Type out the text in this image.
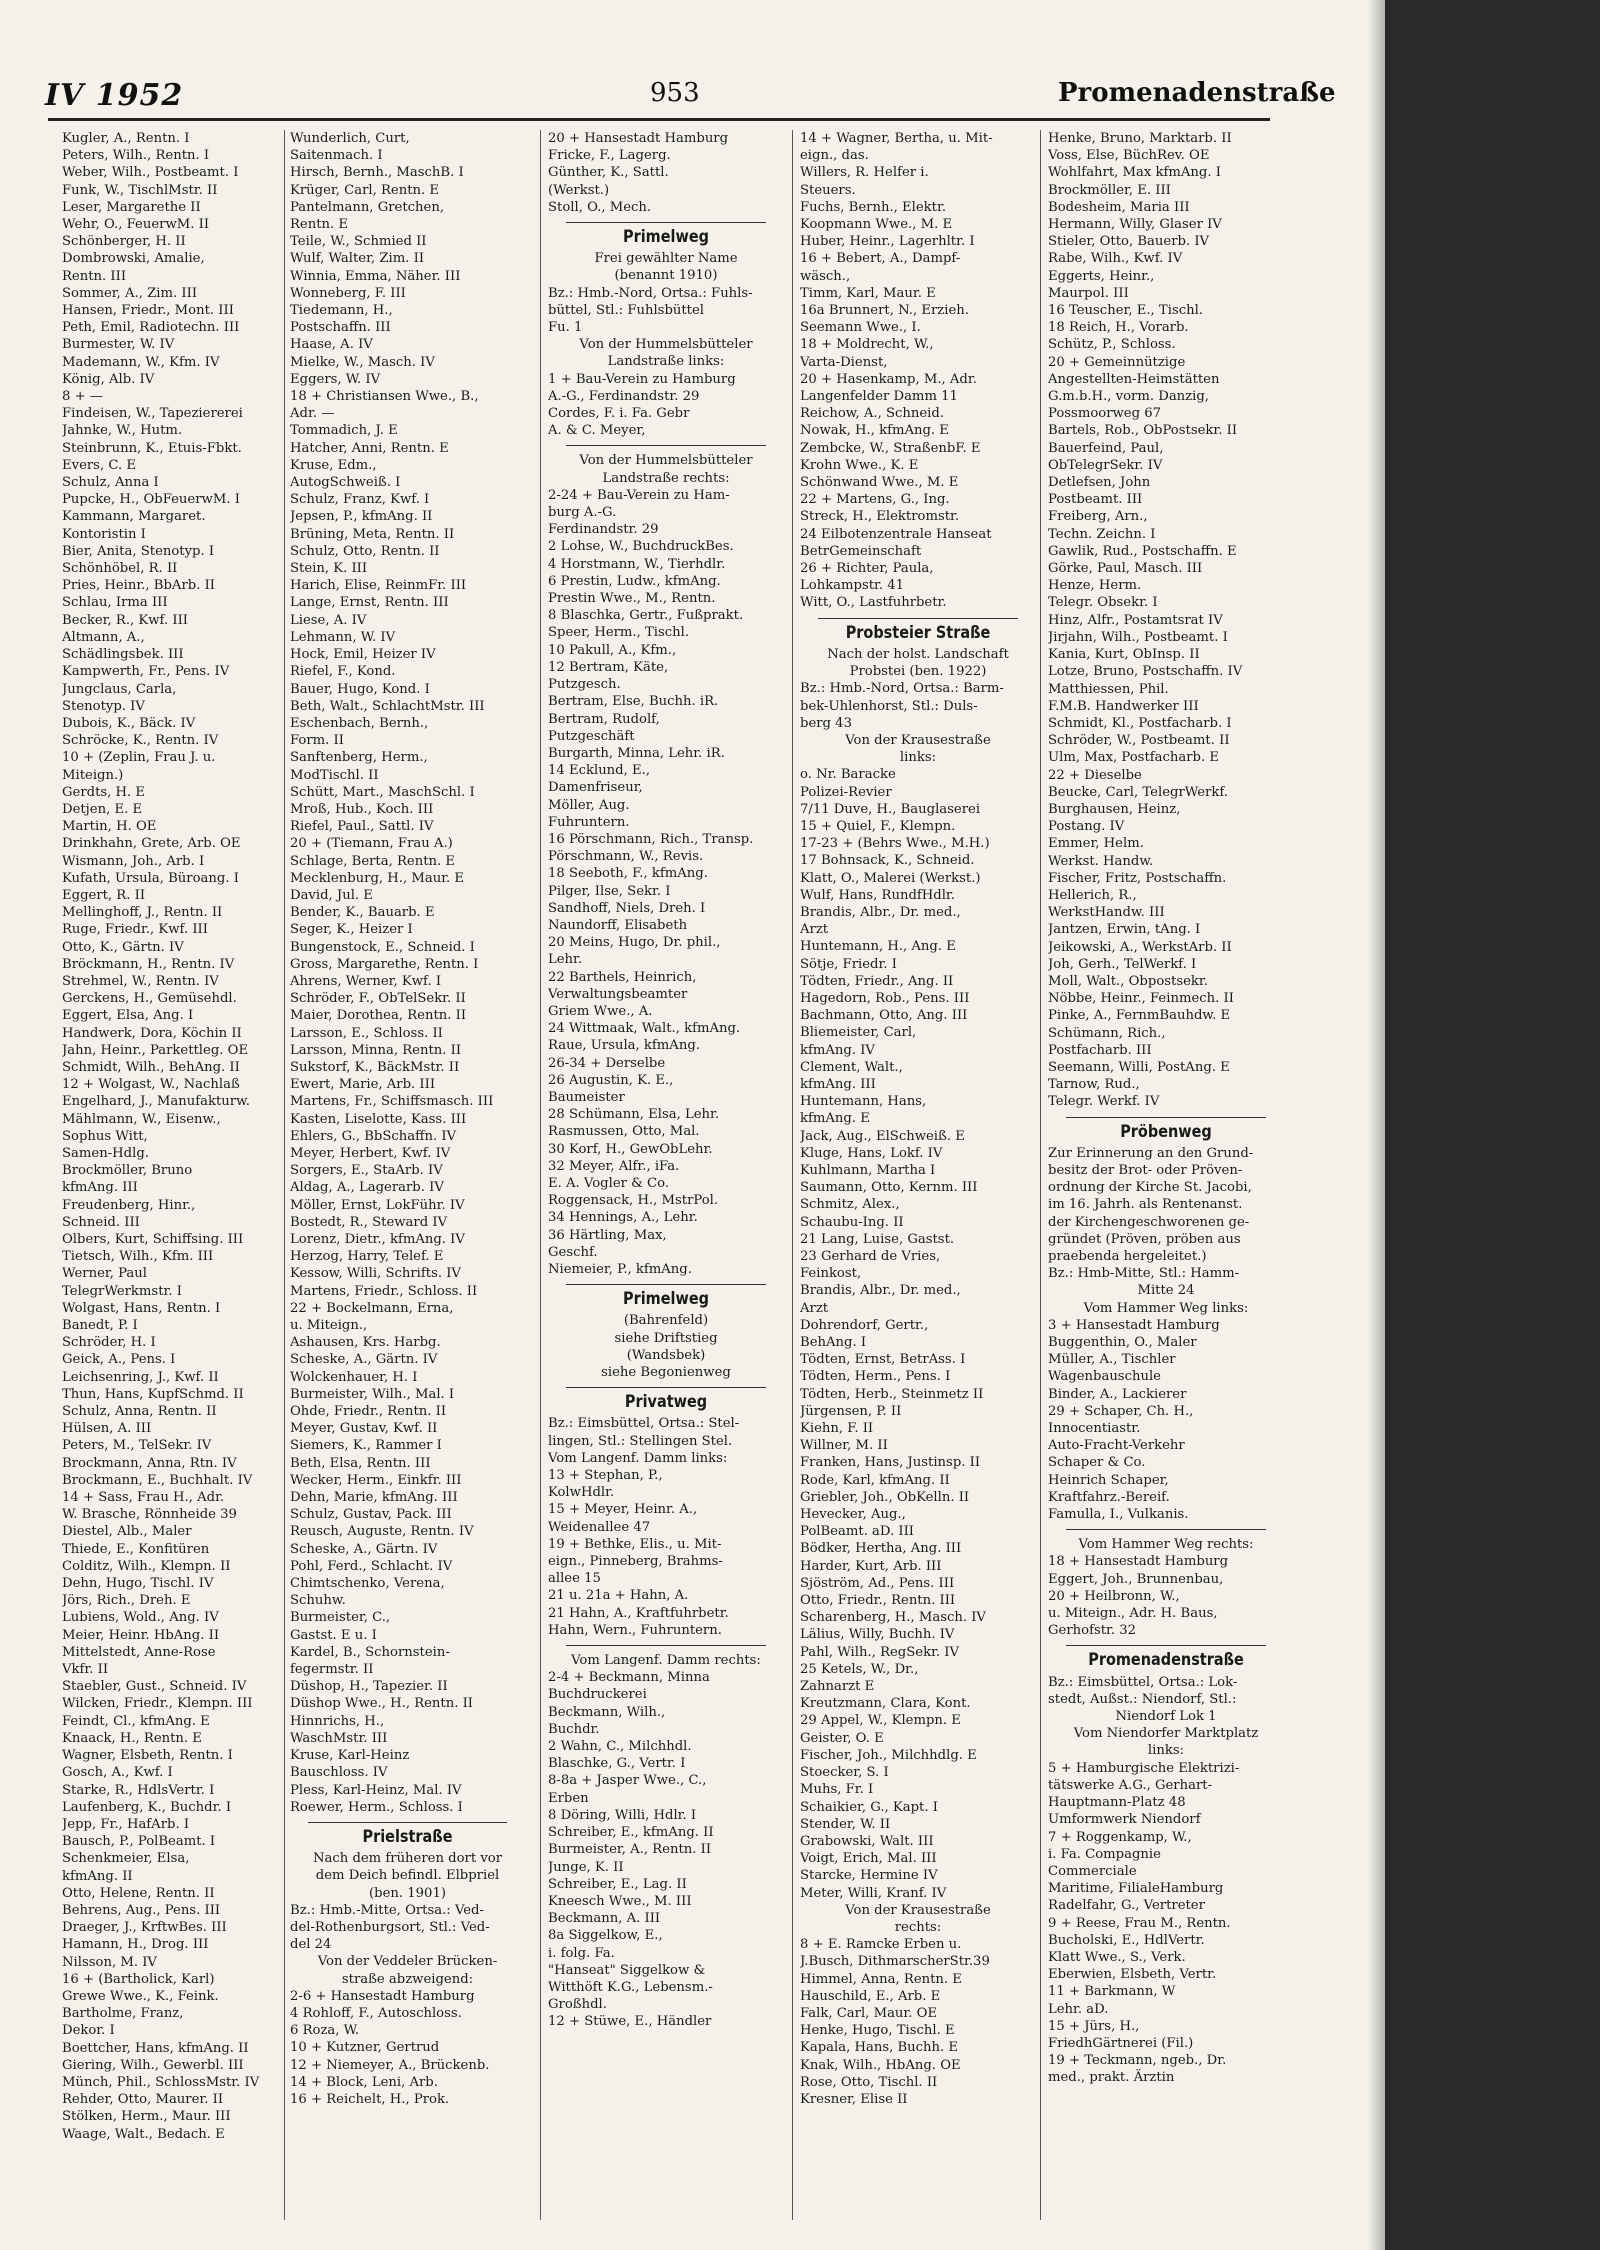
IV 1952	953	Promenadenstraße
Kugler, A., Rentn. I
Peters, Wilh., Rentn. I
Weber, Wilh., Postbeamt. I
Funk, W., TischlMstr. II
Leser, Margarethe II
Wehr, O., FeuerwM. II
Schönberger, H. II
Dombrowski, Amalie,
Rentn. III
Sommer, A., Zim. III
Hansen, Friedr., Mont. III
Peth, Emil, Radiotechn. III
Burmester, W. IV
Mademann, W., Kfm. IV
König, Alb. IV
8 + —
Findeisen, W., Tapeziererei
Jahnke, W., Hutm.
Steinbrunn, K., Etuis-Fbkt.
Evers, C. E
Schulz, Anna I
Pupcke, H., ObFeuerwM. I
Kammann, Margaret.
Kontoristin I
Bier, Anita, Stenotyp. I
Schönhöbel, R. II
Pries, Heinr., BbArb. II
Schlau, Irma III
Becker, R., Kwf. III
Altmann, A.,
Schädlingsbek. III
Kampwerth, Fr., Pens. IV
Jungclaus, Carla,
Stenotyp. IV
Dubois, K., Bäck. IV
Schröcke, K., Rentn. IV
10 + (Zeplin, Frau J. u.
Miteign.)
Gerdts, H. E
Detjen, E. E
Martin, H. OE
Drinkhahn, Grete, Arb. OE
Wismann, Joh., Arb. I
Kufath, Ursula, Büroang. I
Eggert, R. II
Mellinghoff, J., Rentn. II
Ruge, Friedr., Kwf. III
Otto, K., Gärtn. IV
Bröckmann, H., Rentn. IV
Strehmel, W., Rentn. IV
Gerckens, H., Gemüsehdl.
Eggert, Elsa, Ang. I
Handwerk, Dora, Köchin II
Jahn, Heinr., Parkettleg. OE
Schmidt, Wilh., BehAng. II
12 + Wolgast, W., Nachlaß
Engelhard, J., Manufakturw.
Mählmann, W., Eisenw.,
Sophus Witt,
Samen-Hdlg.
Brockmöller, Bruno
kfmAng. III
Freudenberg, Hinr.,
Schneid. III
Olbers, Kurt, Schiffsing. III
Tietsch, Wilh., Kfm. III
Werner, Paul
TelegrWerkmstr. I
Wolgast, Hans, Rentn. I
Banedt, P. I
Schröder, H. I
Geick, A., Pens. I
Leichsenring, J., Kwf. II
Thun, Hans, KupfSchmd. II
Schulz, Anna, Rentn. II
Hülsen, A. III
Peters, M., TelSekr. IV
Brockmann, Anna, Rtn. IV
Brockmann, E., Buchhalt. IV
14 + Sass, Frau H., Adr.
W. Brasche, Rönnheide 39
Diestel, Alb., Maler
Thiede, E., Konfitüren
Colditz, Wilh., Klempn. II
Dehn, Hugo, Tischl. IV
Jörs, Rich., Dreh. E
Lubiens, Wold., Ang. IV
Meier, Heinr. HbAng. II
Mittelstedt, Anne-Rose
Vkfr. II
Staebler, Gust., Schneid. IV
Wilcken, Friedr., Klempn. III
Feindt, Cl., kfmAng. E
Knaack, H., Rentn. E
Wagner, Elsbeth, Rentn. I
Gosch, A., Kwf. I
Starke, R., HdlsVertr. I
Laufenberg, K., Buchdr. I
Jepp, Fr., HafArb. I
Bausch, P., PolBeamt. I
Schenkmeier, Elsa,
kfmAng. II
Otto, Helene, Rentn. II
Behrens, Aug., Pens. III
Draeger, J., KrftwBes. III
Hamann, H., Drog. III
Nilsson, M. IV
16 + (Bartholick, Karl)
Grewe Wwe., K., Feink.
Bartholme, Franz,
Dekor. I
Boettcher, Hans, kfmAng. II
Giering, Wilh., Gewerbl. III
Münch, Phil., SchlossMstr. IV
Rehder, Otto, Maurer. II
Stölken, Herm., Maur. III
Waage, Walt., Bedach. E
Wunderlich, Curt,
Saitenmach. I
Hirsch, Bernh., MaschB. I
Krüger, Carl, Rentn. E
Pantelmann, Gretchen,
Rentn. E
Teile, W., Schmied II
Wulf, Walter, Zim. II
Winnia, Emma, Näher. III
Wonneberg, F. III
Tiedemann, H.,
Postschaffn. III
Haase, A. IV
Mielke, W., Masch. IV
Eggers, W. IV
18 + Christiansen Wwe., B.,
Adr. —
Tommadich, J. E
Hatcher, Anni, Rentn. E
Kruse, Edm.,
AutogSchweiß. I
Schulz, Franz, Kwf. I
Jepsen, P., kfmAng. II
Brüning, Meta, Rentn. II
Schulz, Otto, Rentn. II
Stein, K. III
Harich, Elise, ReinmFr. III
Lange, Ernst, Rentn. III
Liese, A. IV
Lehmann, W. IV
Hock, Emil, Heizer IV
Riefel, F., Kond.
Bauer, Hugo, Kond. I
Beth, Walt., SchlachtMstr. III
Eschenbach, Bernh.,
Form. II
Sanftenberg, Herm.,
ModTischl. II
Schütt, Mart., MaschSchl. I
Mroß, Hub., Koch. III
Riefel, Paul., Sattl. IV
20 + (Tiemann, Frau A.)
Schlage, Berta, Rentn. E
Mecklenburg, H., Maur. E
David, Jul. E
Bender, K., Bauarb. E
Seger, K., Heizer I
Bungenstock, E., Schneid. I
Gross, Margarethe, Rentn. I
Ahrens, Werner, Kwf. I
Schröder, F., ObTelSekr. II
Maier, Dorothea, Rentn. II
Larsson, E., Schloss. II
Larsson, Minna, Rentn. II
Sukstorf, K., BäckMstr. II
Ewert, Marie, Arb. III
Martens, Fr., Schiffsmasch. III
Kasten, Liselotte, Kass. III
Ehlers, G., BbSchaffn. IV
Meyer, Herbert, Kwf. IV
Sorgers, E., StaArb. IV
Aldag, A., Lagerarb. IV
Möller, Ernst, LokFühr. IV
Bostedt, R., Steward IV
Lorenz, Dietr., kfmAng. IV
Herzog, Harry, Telef. E
Kessow, Willi, Schrifts. IV
Martens, Friedr., Schloss. II
22 + Bockelmann, Erna,
u. Miteign.,
Ashausen, Krs. Harbg.
Scheske, A., Gärtn. IV
Wolckenhauer, H. I
Burmeister, Wilh., Mal. I
Ohde, Friedr., Rentn. II
Meyer, Gustav, Kwf. II
Siemers, K., Rammer I
Beth, Elsa, Rentn. III
Wecker, Herm., Einkfr. III
Dehn, Marie, kfmAng. III
Schulz, Gustav, Pack. III
Reusch, Auguste, Rentn. IV
Scheske, A., Gärtn. IV
Pohl, Ferd., Schlacht. IV
Chimtschenko, Verena,
Schuhw.
Burmeister, C.,
Gastst. E u. I
Kardel, B., Schornstein-
fegermstr. II
Düshop, H., Tapezier. II
Düshop Wwe., H., Rentn. II
Hinnrichs, H.,
WaschMstr. III
Kruse, Karl-Heinz
Bauschloss. IV
Pless, Karl-Heinz, Mal. IV
Roewer, Herm., Schloss. I
Prielstraße
Nach dem früheren dort vor
dem Deich befindl. Elbpriel
(ben. 1901)
Bz.: Hmb.-Mitte, Ortsa.: Ved-
del-Rothenburgsort, Stl.: Ved-
del 24
Von der Veddeler Brücken-
straße abzweigend:
2-6 + Hansestadt Hamburg
4 Rohloff, F., Autoschloss.
6 Roza, W.
10 + Kutzner, Gertrud
12 + Niemeyer, A., Brückenb.
14 + Block, Leni, Arb.
16 + Reichelt, H., Prok.
20 + Hansestadt Hamburg
Fricke, F., Lagerg.
Günther, K., Sattl.
(Werkst.)
Stoll, O., Mech.
Primelweg
Frei gewählter Name
(benannt 1910)
Bz.: Hmb.-Nord, Ortsa.: Fuhls-
büttel, Stl.: Fuhlsbüttel
Fu. 1
Von der Hummelsbütteler
Landstraße links:
1 + Bau-Verein zu Hamburg
A.-G., Ferdinandstr. 29
Cordes, F. i. Fa. Gebr
A. & C. Meyer,
Von der Hummelsbütteler
Landstraße rechts:
2-24 + Bau-Verein zu Ham-
burg A.-G.
Ferdinandstr. 29
2 Lohse, W., BuchdruckBes.
4 Horstmann, W., Tierhdlr.
6 Prestin, Ludw., kfmAng.
Prestin Wwe., M., Rentn.
8 Blaschka, Gertr., Fußprakt.
Speer, Herm., Tischl.
10 Pakull, A., Kfm.,
12 Bertram, Käte,
Putzgesch.
Bertram, Else, Buchh. iR.
Bertram, Rudolf,
Putzgeschäft
Burgarth, Minna, Lehr. iR.
14 Ecklund, E.,
Damenfriseur,
Möller, Aug.
Fuhruntern.
16 Pörschmann, Rich., Transp.
Pörschmann, W., Revis.
18 Seeboth, F., kfmAng.
Pilger, Ilse, Sekr. I
Sandhoff, Niels, Dreh. I
Naundorff, Elisabeth
20 Meins, Hugo, Dr. phil.,
Lehr.
22 Barthels, Heinrich,
Verwaltungsbeamter
Griem Wwe., A.
24 Wittmaak, Walt., kfmAng.
Raue, Ursula, kfmAng.
26-34 + Derselbe
26 Augustin, K. E.,
Baumeister
28 Schümann, Elsa, Lehr.
Rasmussen, Otto, Mal.
30 Korf, H., GewObLehr.
32 Meyer, Alfr., iFa.
E. A. Vogler & Co.
Roggensack, H., MstrPol.
34 Hennings, A., Lehr.
36 Härtling, Max,
Geschf.
Niemeier, P., kfmAng.
Primelweg
(Bahrenfeld)
siehe Driftstieg
(Wandsbek)
siehe Begonienweg
Privatweg
Bz.: Eimsbüttel, Ortsa.: Stel-
lingen, Stl.: Stellingen Stel.
Vom Langenf. Damm links:
13 + Stephan, P.,
KolwHdlr.
15 + Meyer, Heinr. A.,
Weidenallee 47
19 + Bethke, Elis., u. Mit-
eign., Pinneberg, Brahms-
allee 15
21 u. 21a + Hahn, A.
21 Hahn, A., Kraftfuhrbetr.
Hahn, Wern., Fuhruntern.
Vom Langenf. Damm rechts:
2-4 + Beckmann, Minna
Buchdruckerei
Beckmann, Wilh.,
Buchdr.
2 Wahn, C., Milchhdl.
Blaschke, G., Vertr. I
8-8a + Jasper Wwe., C.,
Erben
8 Döring, Willi, Hdlr. I
Schreiber, E., kfmAng. II
Burmeister, A., Rentn. II
Junge, K. II
Schreiber, E., Lag. II
Kneesch Wwe., M. III
Beckmann, A. III
8a Siggelkow, E.,
i. folg. Fa.
"Hanseat" Siggelkow &
Witthöft K.G., Lebensm.-
Großhdl.
12 + Stüwe, E., Händler
14 + Wagner, Bertha, u. Mit-
eign., das.
Willers, R. Helfer i.
Steuers.
Fuchs, Bernh., Elektr.
Koopmann Wwe., M. E
Huber, Heinr., Lagerhltr. I
16 + Bebert, A., Dampf-
wäsch.,
Timm, Karl, Maur. E
16a Brunnert, N., Erzieh.
Seemann Wwe., I.
18 + Moldrecht, W.,
Varta-Dienst,
20 + Hasenkamp, M., Adr.
Langenfelder Damm 11
Reichow, A., Schneid.
Nowak, H., kfmAng. E
Zembcke, W., StraßenbF. E
Krohn Wwe., K. E
Schönwand Wwe., M. E
22 + Martens, G., Ing.
Streck, H., Elektromstr.
24 Eilbotenzentrale Hanseat
BetrGemeinschaft
26 + Richter, Paula,
Lohkampstr. 41
Witt, O., Lastfuhrbetr.
Probsteier Straße
Nach der holst. Landschaft
Probstei (ben. 1922)
Bz.: Hmb.-Nord, Ortsa.: Barm-
bek-Uhlenhorst, Stl.: Duls-
berg 43
Von der Krausestraße
links:
o. Nr. Baracke
Polizei-Revier
7/11 Duve, H., Bauglaserei
15 + Quiel, F., Klempn.
17-23 + (Behrs Wwe., M.H.)
17 Bohnsack, K., Schneid.
Klatt, O., Malerei (Werkst.)
Wulf, Hans, RundfHdlr.
Brandis, Albr., Dr. med.,
Arzt
Huntemann, H., Ang. E
Sötje, Friedr. I
Tödten, Friedr., Ang. II
Hagedorn, Rob., Pens. III
Bachmann, Otto, Ang. III
Bliemeister, Carl,
kfmAng. IV
Clement, Walt.,
kfmAng. III
Huntemann, Hans,
kfmAng. E
Jack, Aug., ElSchweiß. E
Kluge, Hans, Lokf. IV
Kuhlmann, Martha I
Saumann, Otto, Kernm. III
Schmitz, Alex.,
Schaubu-Ing. II
21 Lang, Luise, Gastst.
23 Gerhard de Vries,
Feinkost,
Brandis, Albr., Dr. med.,
Arzt
Dohrendorf, Gertr.,
BehAng. I
Tödten, Ernst, BetrAss. I
Tödten, Herm., Pens. I
Tödten, Herb., Steinmetz II
Jürgensen, P. II
Kiehn, F. II
Willner, M. II
Franken, Hans, Justinsp. II
Rode, Karl, kfmAng. II
Griebler, Joh., ObKelln. II
Hevecker, Aug.,
PolBeamt. aD. III
Bödker, Hertha, Ang. III
Harder, Kurt, Arb. III
Sjöström, Ad., Pens. III
Otto, Friedr., Rentn. III
Scharenberg, H., Masch. IV
Lälius, Willy, Buchh. IV
Pahl, Wilh., RegSekr. IV
25 Ketels, W., Dr.,
Zahnarzt E
Kreutzmann, Clara, Kont.
29 Appel, W., Klempn. E
Geister, O. E
Fischer, Joh., Milchhdlg. E
Stoecker, S. I
Muhs, Fr. I
Schaikier, G., Kapt. I
Stender, W. II
Grabowski, Walt. III
Voigt, Erich, Mal. III
Starcke, Hermine IV
Meter, Willi, Kranf. IV
Von der Krausestraße
rechts:
8 + E. Ramcke Erben u.
J.Busch, DithmarscherStr.39
Himmel, Anna, Rentn. E
Hauschild, E., Arb. E
Falk, Carl, Maur. OE
Henke, Hugo, Tischl. E
Kapala, Hans, Buchh. E
Knak, Wilh., HbAng. OE
Rose, Otto, Tischl. II
Kresner, Elise II
Henke, Bruno, Marktarb. II
Voss, Else, BüchRev. OE
Wohlfahrt, Max kfmAng. I
Brockmöller, E. III
Bodesheim, Maria III
Hermann, Willy, Glaser IV
Stieler, Otto, Bauerb. IV
Rabe, Wilh., Kwf. IV
Eggerts, Heinr.,
Maurpol. III
16 Teuscher, E., Tischl.
18 Reich, H., Vorarb.
Schütz, P., Schloss.
20 + Gemeinnützige
Angestellten-Heimstätten
G.m.b.H., vorm. Danzig,
Possmoorweg 67
Bartels, Rob., ObPostsekr. II
Bauerfeind, Paul,
ObTelegrSekr. IV
Detlefsen, John
Postbeamt. III
Freiberg, Arn.,
Techn. Zeichn. I
Gawlik, Rud., Postschaffn. E
Görke, Paul, Masch. III
Henze, Herm.
Telegr. Obsekr. I
Hinz, Alfr., Postamtsrat IV
Jirjahn, Wilh., Postbeamt. I
Kania, Kurt, ObInsp. II
Lotze, Bruno, Postschaffn. IV
Matthiessen, Phil.
F.M.B. Handwerker III
Schmidt, Kl., Postfacharb. I
Schröder, W., Postbeamt. II
Ulm, Max, Postfacharb. E
22 + Dieselbe
Beucke, Carl, TelegrWerkf.
Burghausen, Heinz,
Postang. IV
Emmer, Helm.
Werkst. Handw.
Fischer, Fritz, Postschaffn.
Hellerich, R.,
WerkstHandw. III
Jantzen, Erwin, tAng. I
Jeikowski, A., WerkstArb. II
Joh, Gerh., TelWerkf. I
Moll, Walt., Obpostsekr.
Nöbbe, Heinr., Feinmech. II
Pinke, A., FernmBauhdw. E
Schümann, Rich.,
Postfacharb. III
Seemann, Willi, PostAng. E
Tarnow, Rud.,
Telegr. Werkf. IV
Pröbenweg
Zur Erinnerung an den Grund-
besitz der Brot- oder Pröven-
ordnung der Kirche St. Jacobi,
im 16. Jahrh. als Rentenanst.
der Kirchengeschworenen ge-
gründet (Pröven, pröben aus
praebenda hergeleitet.)
Bz.: Hmb-Mitte, Stl.: Hamm-
Mitte 24
Vom Hammer Weg links:
3 + Hansestadt Hamburg
Buggenthin, O., Maler
Müller, A., Tischler
Wagenbauschule
Binder, A., Lackierer
29 + Schaper, Ch. H.,
Innocentiastr.
Auto-Fracht-Verkehr
Schaper & Co.
Heinrich Schaper,
Kraftfahrz.-Bereif.
Famulla, I., Vulkanis.
Vom Hammer Weg rechts:
18 + Hansestadt Hamburg
Eggert, Joh., Brunnenbau,
20 + Heilbronn, W.,
u. Miteign., Adr. H. Baus,
Gerhofstr. 32
Promenadenstraße
Bz.: Eimsbüttel, Ortsa.: Lok-
stedt, Außst.: Niendorf, Stl.:
Niendorf Lok 1
Vom Niendorfer Marktplatz
links:
5 + Hamburgische Elektrizi-
tätswerke A.G., Gerhart-
Hauptmann-Platz 48
Umformwerk Niendorf
7 + Roggenkamp, W.,
i. Fa. Compagnie
Commerciale
Maritime, FilialeHamburg
Radelfahr, G., Vertreter
9 + Reese, Frau M., Rentn.
Bucholski, E., HdlVertr.
Klatt Wwe., S., Verk.
Eberwien, Elsbeth, Vertr.
11 + Barkmann, W
Lehr. aD.
15 + Jürs, H.,
FriedhGärtnerei (Fil.)
19 + Teckmann, ngeb., Dr.
med., prakt. Ärztin
